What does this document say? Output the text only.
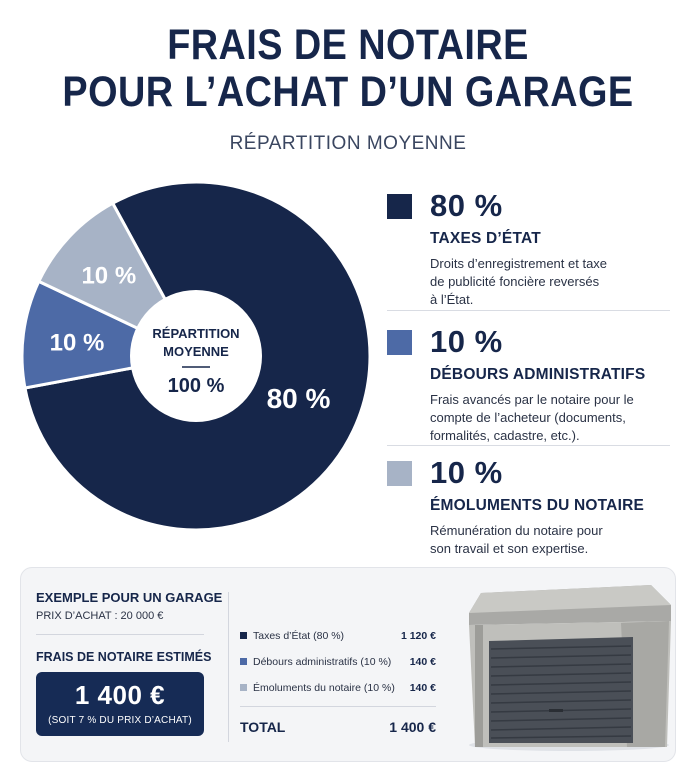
FRAIS DE NOTAIRE
POUR L’ACHAT D’UN GARAGE
RÉPARTITION MOYENNE
80 %
10 %
10 %
RÉPARTITION
MOYENNE
100 %
80 %
TAXES D’ÉTAT
Droits d’enregistrement et taxe
de publicité foncière reversés
à l’État.
10 %
DÉBOURS ADMINISTRATIFS
Frais avancés par le notaire pour le
compte de l’acheteur (documents,
formalités, cadastre, etc.).
10 %
ÉMOLUMENTS DU NOTAIRE
Rémunération du notaire pour
son travail et son expertise.
EXEMPLE POUR UN GARAGE
PRIX D’ACHAT : 20 000 €
FRAIS DE NOTAIRE ESTIMÉS
1 400 €
(SOIT 7 % DU PRIX D’ACHAT)
Taxes d’État (80 %)	1 120 €
Débours administratifs (10 %) 140 €
Émoluments du notaire (10 %) 140 €
TOTAL	1 400 €
